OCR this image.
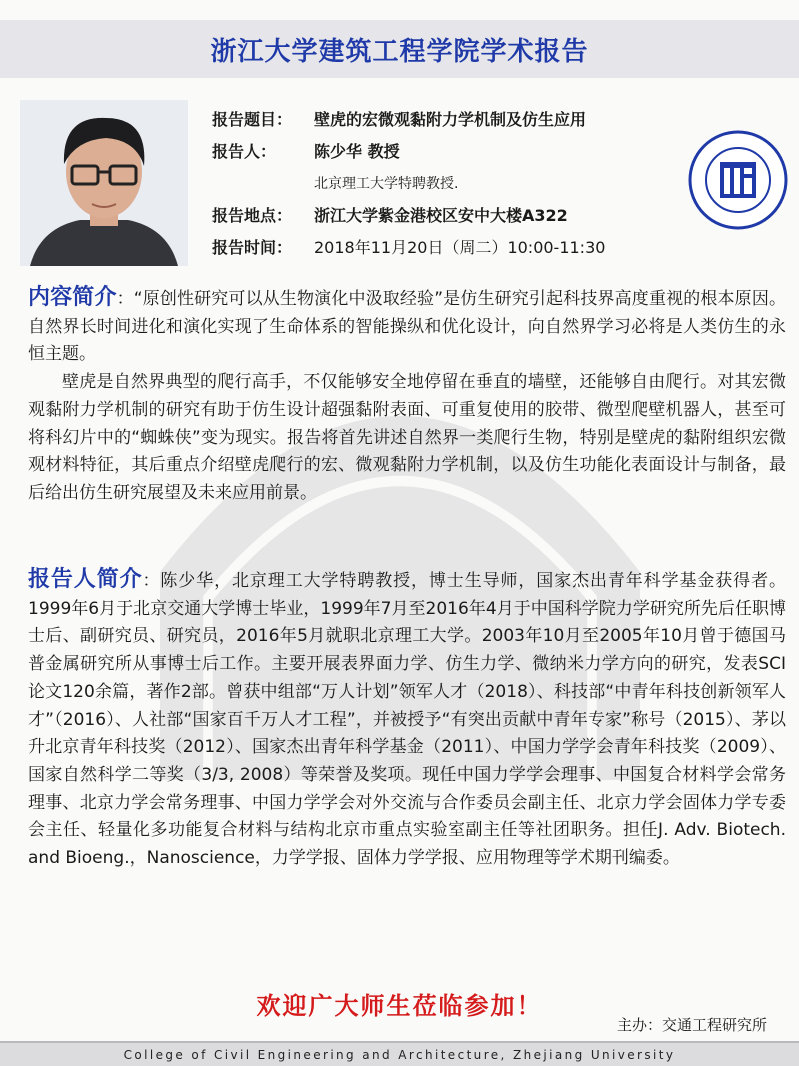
浙江大学建筑工程学院学术报告
报告题目：	壁虎的宏微观黏附力学机制及仿生应用
报告人：	陈少华 教授
北京理工大学特聘教授.
报告地点：	浙江大学紫金港校区安中大楼A322
报告时间：	2018年11月20日（周二）10:00-11:30

内容简介：“原创性研究可以从生物演化中汲取经验”是仿生研究引起科技界高度重视的根本原因。自然界长时间进化和演化实现了生命体系的智能操纵和优化设计，向自然界学习必将是人类仿生的永恒主题。

壁虎是自然界典型的爬行高手，不仅能够安全地停留在垂直的墙壁，还能够自由爬行。对其宏微观黏附力学机制的研究有助于仿生设计超强黏附表面、可重复使用的胶带、微型爬壁机器人，甚至可将科幻片中的“蜘蛛侠”变为现实。报告将首先讲述自然界一类爬行生物，特别是壁虎的黏附组织宏微观材料特征，其后重点介绍壁虎爬行的宏、微观黏附力学机制，以及仿生功能化表面设计与制备，最后给出仿生研究展望及未来应用前景。

报告人简介：陈少华，北京理工大学特聘教授，博士生导师，国家杰出青年科学基金获得者。1999年6月于北京交通大学博士毕业，1999年7月至2016年4月于中国科学院力学研究所先后任职博士后、副研究员、研究员，2016年5月就职北京理工大学。2003年10月至2005年10月曾于德国马普金属研究所从事博士后工作。主要开展表界面力学、仿生力学、微纳米力学方向的研究，发表SCI论文120余篇，著作2部。曾获中组部“万人计划”领军人才（2018）、科技部“中青年科技创新领军人才”（2016）、人社部“国家百千万人才工程”，并被授予“有突出贡献中青年专家”称号（2015）、茅以升北京青年科技奖（2012）、国家杰出青年科学基金（2011）、中国力学学会青年科技奖（2009）、国家自然科学二等奖（3/3, 2008）等荣誉及奖项。现任中国力学学会理事、中国复合材料学会常务理事、北京力学会常务理事、中国力学学会对外交流与合作委员会副主任、北京力学会固体力学专委会主任、轻量化多功能复合材料与结构北京市重点实验室副主任等社团职务。担任J. Adv. Biotech. and Bioeng.，Nanoscience，力学学报、固体力学学报、应用物理等学术期刊编委。

欢迎广大师生莅临参加！
主办：交通工程研究所
College of Civil Engineering and Architecture, Zhejiang University
